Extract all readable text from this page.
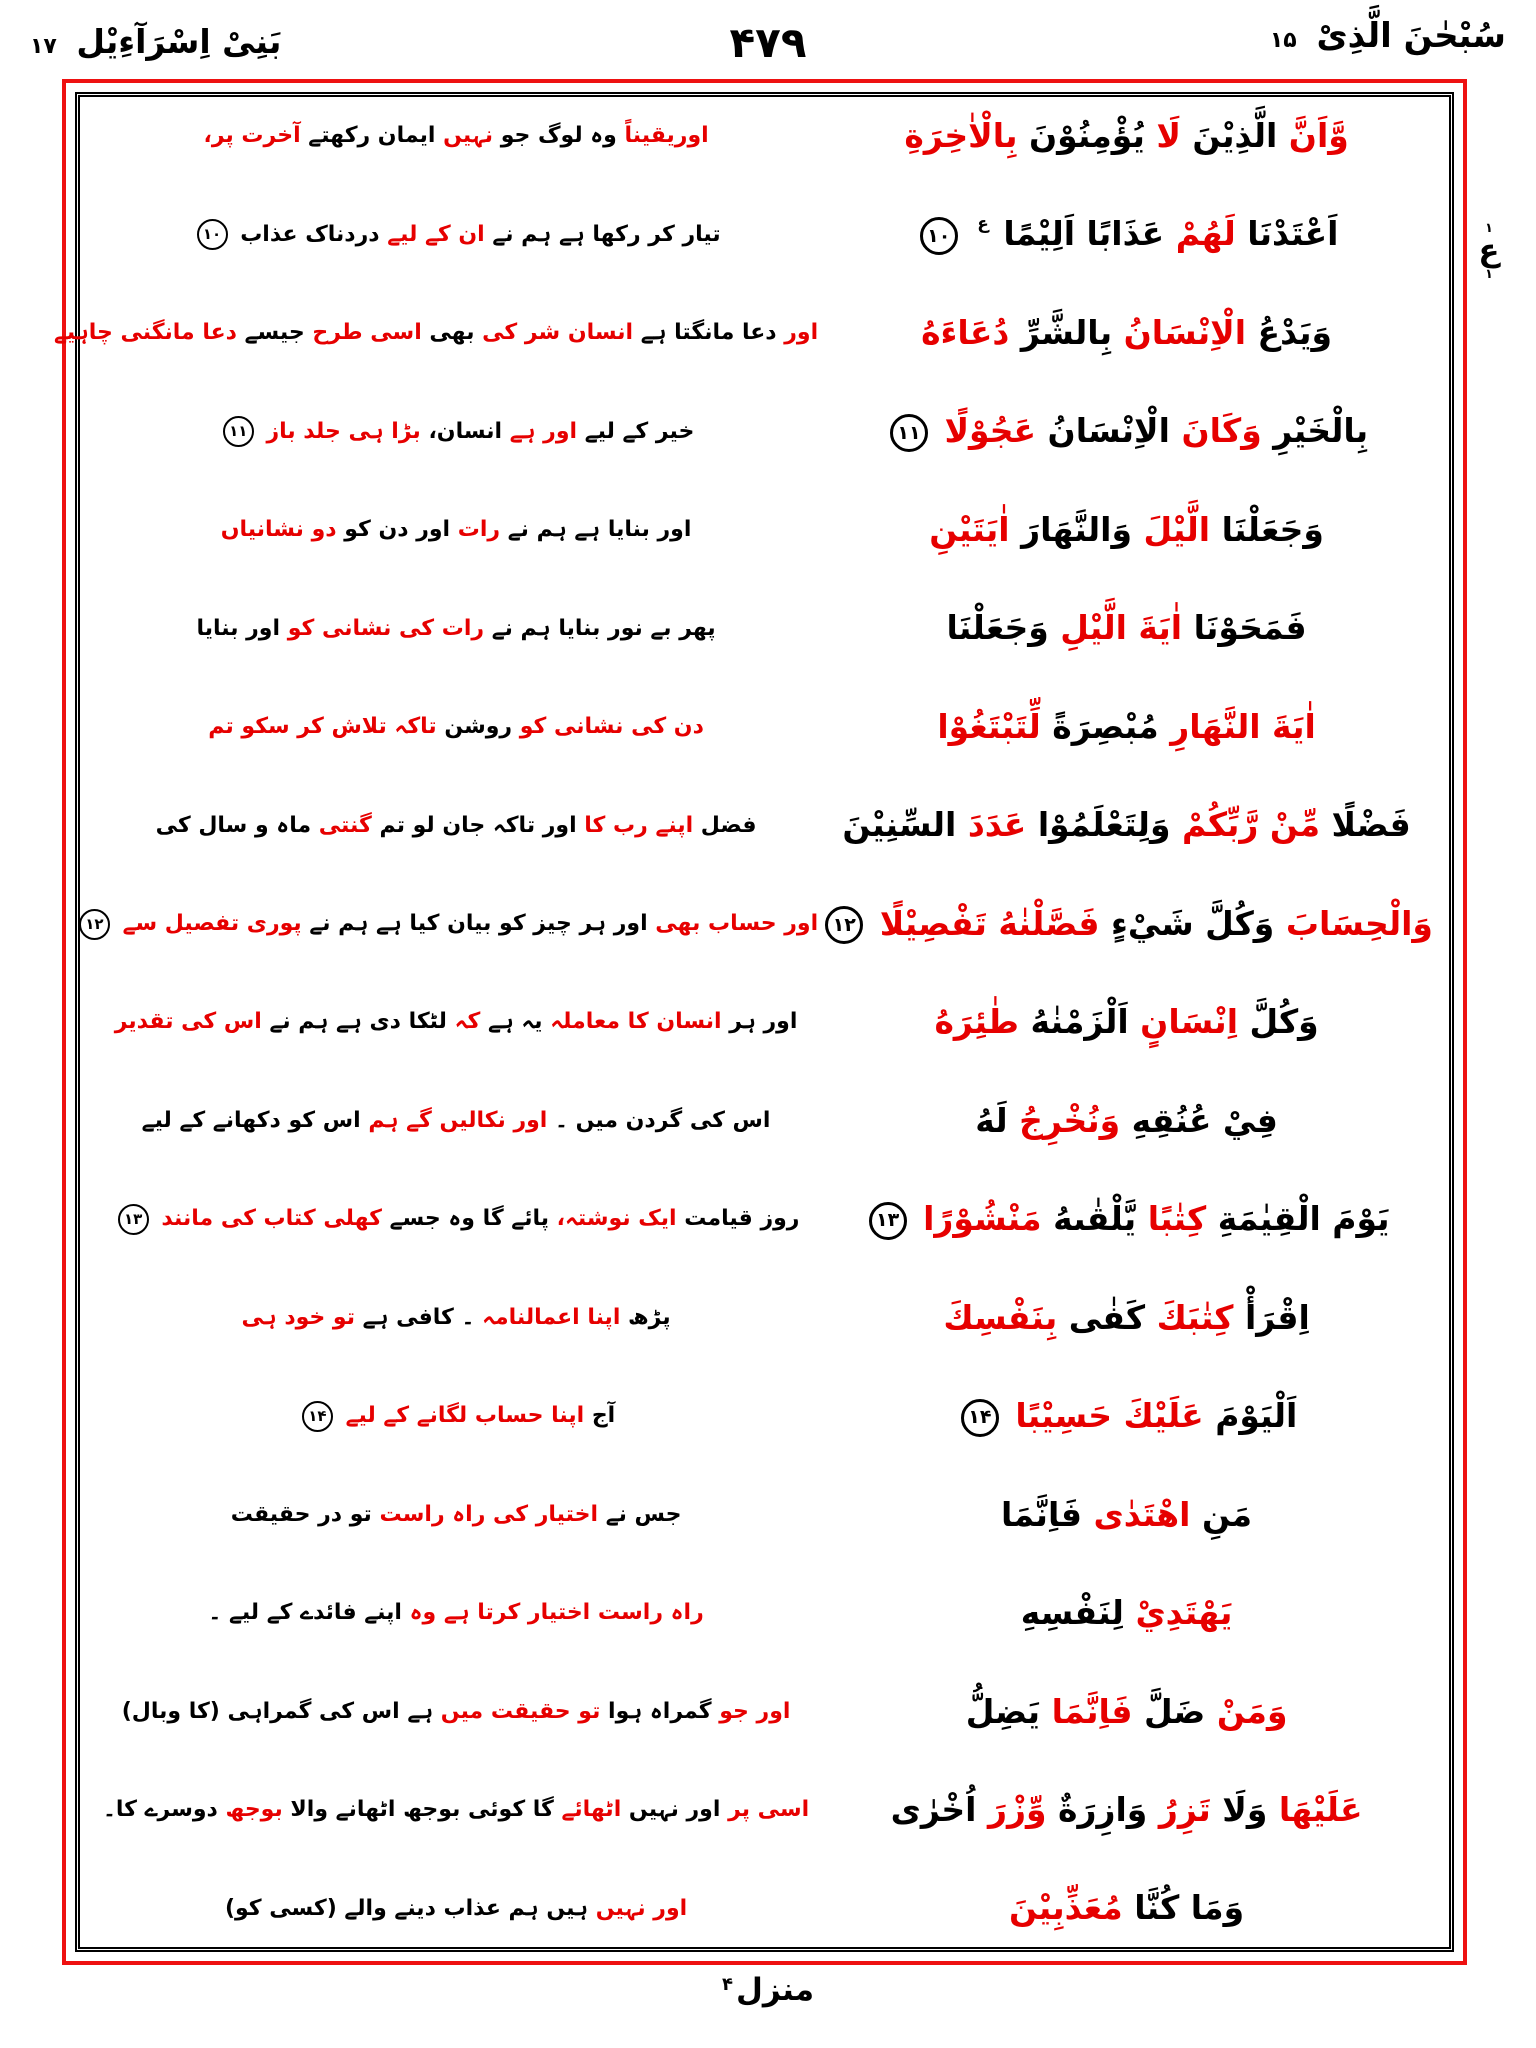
بَنِیْ اِسْرَآءِیْل ۱۷	۴۷۹	سُبْحٰنَ الَّذِیْ ۱۵
وَّاَنَّ الَّذِيْنَ لَا يُؤْمِنُوْنَ بِالْاٰخِرَةِ
اوریقیناً وہ لوگ جو نہیں ایمان رکھتے آخرت پر،
اَعْتَدْنَا لَهُمْ عَذَابًا اَلِيْمًا $^ع$ ۱۰
تیار کر رکھا ہے ہم نے ان کے لیے دردناک عذاب ۱۰
وَيَدْعُ الْاِنْسَانُ بِالشَّرِّ دُعَاءَهُ
اور دعا مانگتا ہے انسان شر کی بھی اسی طرح جیسے دعا مانگنی چاہیے
بِالْخَيْرِ وَكَانَ الْاِنْسَانُ عَجُوْلًا ۱۱
خیر کے لیے اور ہے انسان، بڑا ہی جلد باز ۱۱
وَجَعَلْنَا الَّيْلَ وَالنَّهَارَ اٰيَتَيْنِ
اور بنایا ہے ہم نے رات اور دن کو دو نشانیاں
فَمَحَوْنَا اٰيَةَ الَّيْلِ وَجَعَلْنَا
پھر بے نور بنایا ہم نے رات کی نشانی کو اور بنایا
اٰيَةَ النَّهَارِ مُبْصِرَةً لِّتَبْتَغُوْا
دن کی نشانی کو روشن تاکہ تلاش کر سکو تم
فَضْلًا مِّنْ رَّبِّكُمْ وَلِتَعْلَمُوْا عَدَدَ السِّنِيْنَ
فضل اپنے رب کا اور تاکہ جان لو تم گنتی ماہ و سال کی
وَالْحِسَابَ وَكُلَّ شَيْءٍ فَصَّلْنٰهُ تَفْصِيْلًا ۱۲
اور حساب بھی اور ہر چیز کو بیان کیا ہے ہم نے پوری تفصیل سے ۱۲
وَكُلَّ اِنْسَانٍ اَلْزَمْنٰهُ طٰئِرَهُ
اور ہر انسان کا معاملہ یہ ہے کہ لٹکا دی ہے ہم نے اس کی تقدیر
فِيْ عُنُقِهِ وَنُخْرِجُ لَهُ
اس کی گردن میں ۔ اور نکالیں گے ہم اس کو دکھانے کے لیے
يَوْمَ الْقِيٰمَةِ كِتٰبًا يَّلْقٰىهُ مَنْشُوْرًا ۱۳
روز قیامت ایک نوشتہ، پائے گا وہ جسے کھلی کتاب کی مانند ۱۳
اِقْرَأْ كِتٰبَكَ كَفٰى بِنَفْسِكَ
پڑھ اپنا اعمالنامہ ۔ کافی ہے تو خود ہی
اَلْيَوْمَ عَلَيْكَ حَسِيْبًا ۱۴
آج اپنا حساب لگانے کے لیے ۱۴
مَنِ اهْتَدٰى فَاِنَّمَا
جس نے اختیار کی راہ راست تو در حقیقت
يَهْتَدِيْ لِنَفْسِهِ
راہ راست اختیار کرتا ہے وہ اپنے فائدے کے لیے ۔
وَمَنْ ضَلَّ فَاِنَّمَا يَضِلُّ
اور جو گمراہ ہوا تو حقیقت میں ہے اس کی گمراہی (کا وبال)
عَلَيْهَا وَلَا تَزِرُ وَازِرَةٌ وِّزْرَ اُخْرٰى
اسی پر اور نہیں اٹھائے گا کوئی بوجھ اٹھانے والا بوجھ دوسرے کا۔
وَمَا كُنَّا مُعَذِّبِيْنَ
اور نہیں ہیں ہم عذاب دینے والے (کسی کو)
۱
ع
۱
منزل$^۴$
